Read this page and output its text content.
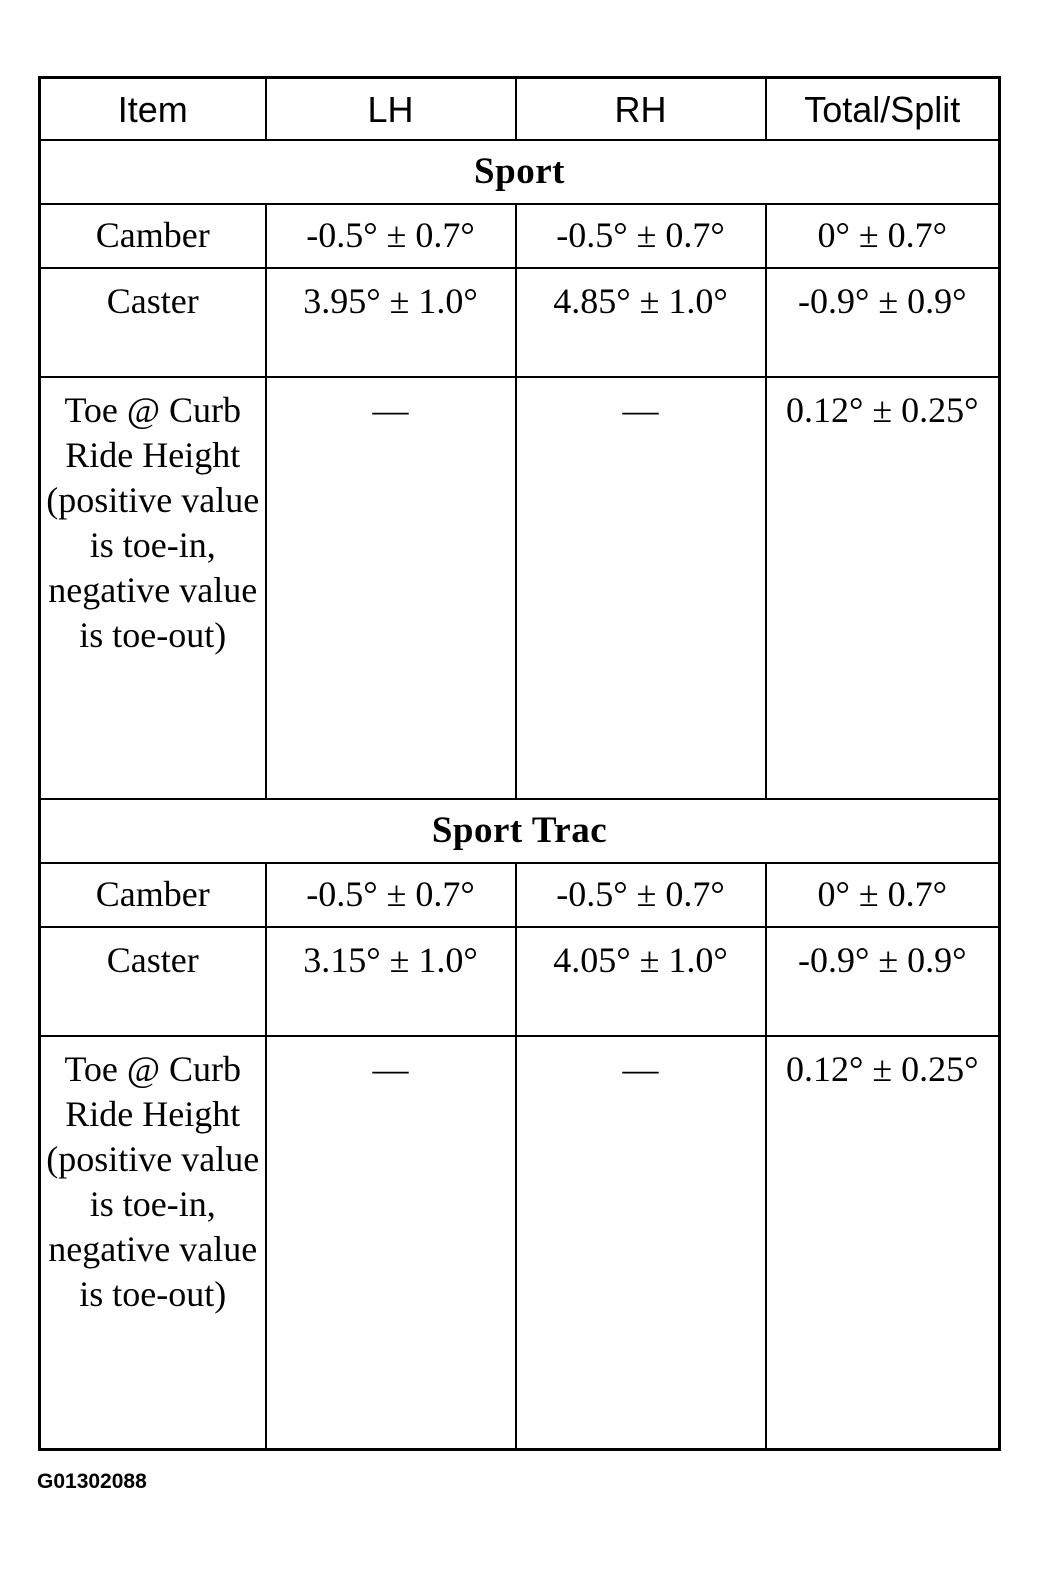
Item	LH	RH	Total/Split
Sport			
Camber	-0.5° ± 0.7°	-0.5° ± 0.7°	0° ± 0.7°
Caster	3.95° ± 1.0°	4.85° ± 1.0°	-0.9° ± 0.9°
Toe @ Curb Ride Height (positive value is toe-in, negative value is toe-out)	—	—	0.12° ± 0.25°
Sport Trac			
Camber	-0.5° ± 0.7°	-0.5° ± 0.7°	0° ± 0.7°
Caster	3.15° ± 1.0°	4.05° ± 1.0°	-0.9° ± 0.9°
Toe @ Curb Ride Height (positive value is toe-in, negative value is toe-out)	—	—	0.12° ± 0.25°
G01302088
